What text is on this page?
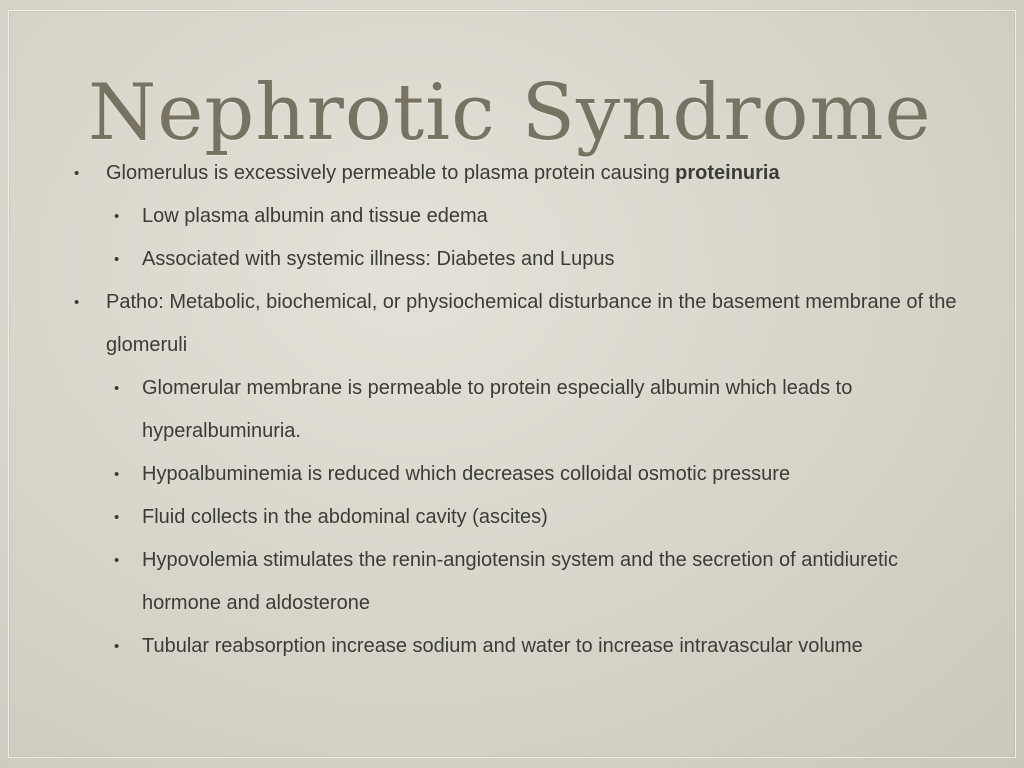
Nephrotic Syndrome
• Glomerulus is excessively permeable to plasma protein causing proteinuria
• Low plasma albumin and tissue edema
• Associated with systemic illness: Diabetes and Lupus
• Patho: Metabolic, biochemical, or physiochemical disturbance in the basement membrane of the glomeruli
• Glomerular membrane is permeable to protein especially albumin which leads to hyperalbuminuria.
• Hypoalbuminemia is reduced which decreases colloidal osmotic pressure
• Fluid collects in the abdominal cavity (ascites)
• Hypovolemia stimulates the renin-angiotensin system and the secretion of antidiuretic hormone and aldosterone
• Tubular reabsorption increase sodium and water to increase intravascular volume
